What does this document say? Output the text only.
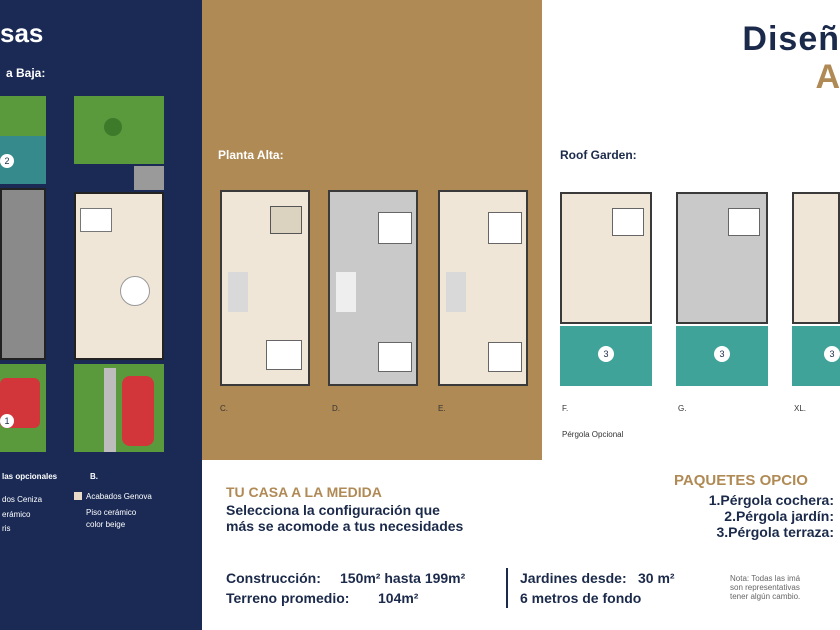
sas
a Baja:
2
1
las opcionales	B.
dos Ceniza
erámico
ris
Acabados Genova
Piso cerámico
color beige
Planta Alta:
C.	D.	E.
Diseñ
A
Roof Garden:
3
F.
Pérgola Opcional
3
G.
3
XL.
TU CASA A LA MEDIDA
Selecciona la configuración que
más se acomode a tus necesidades
Construcción: 150m² hasta 199m²
Terreno promedio: 104m²
Jardines desde: 30 m²
6 metros de fondo
PAQUETES OPCIO
1.Pérgola cochera:
2.Pérgola jardín:
3.Pérgola terraza:
Nota: Todas las imá
son representativas
tener algún cambio.
